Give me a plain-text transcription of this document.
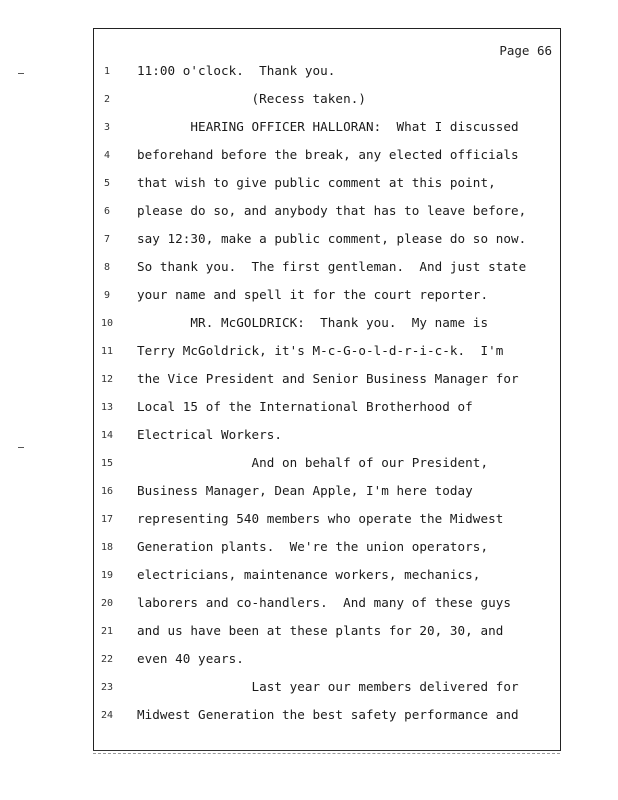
Page 66
1	11:00 o'clock.  Thank you.
2	(Recess taken.)
3	HEARING OFFICER HALLORAN:  What I discussed
4	beforehand before the break, any elected officials
5	that wish to give public comment at this point,
6	please do so, and anybody that has to leave before,
7	say 12:30, make a public comment, please do so now.
8	So thank you.  The first gentleman.  And just state
9	your name and spell it for the court reporter.
10	MR. McGOLDRICK:  Thank you.  My name is
11	Terry McGoldrick, it's M-c-G-o-l-d-r-i-c-k.  I'm
12	the Vice President and Senior Business Manager for
13	Local 15 of the International Brotherhood of
14	Electrical Workers.
15	And on behalf of our President,
16	Business Manager, Dean Apple, I'm here today
17	representing 540 members who operate the Midwest
18	Generation plants.  We're the union operators,
19	electricians, maintenance workers, mechanics,
20	laborers and co-handlers.  And many of these guys
21	and us have been at these plants for 20, 30, and
22	even 40 years.
23	Last year our members delivered for
24	Midwest Generation the best safety performance and
